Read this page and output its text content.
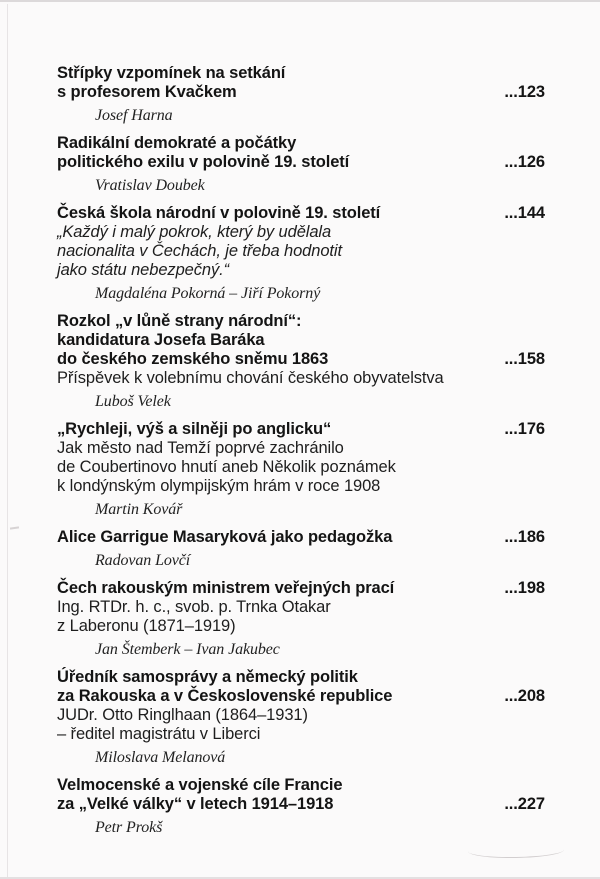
Střípky vzpomínek na setkání
s profesorem Kvačkem	...123
Josef Harna
Radikální demokraté a počátky
politického exilu v polovině 19. století	...126
Vratislav Doubek
Česká škola národní v polovině 19. století	...144
„Každý i malý pokrok, který by udělala
nacionalita v Čechách, je třeba hodnotit
jako státu nebezpečný.“
Magdaléna Pokorná – Jiří Pokorný
Rozkol „v lůně strany národní“:
kandidatura Josefa Baráka
do českého zemského sněmu 1863	...158
Příspěvek k volebnímu chování českého obyvatelstva
Luboš Velek
„Rychleji, výš a silněji po anglicku“	...176
Jak město nad Temží poprvé zachránilo
de Coubertinovo hnutí aneb Několik poznámek
k londýnským olympijským hrám v roce 1908
Martin Kovář
Alice Garrigue Masaryková jako pedagožka	...186
Radovan Lovčí
Čech rakouským ministrem veřejných prací	...198
Ing. RTDr. h. c., svob. p. Trnka Otakar
z Laberonu (1871–1919)
Jan Štemberk – Ivan Jakubec
Úředník samosprávy a německý politik
za Rakouska a v Československé republice	...208
JUDr. Otto Ringlhaan (1864–1931)
– ředitel magistrátu v Liberci
Miloslava Melanová
Velmocenské a vojenské cíle Francie
za „Velké války“ v letech 1914–1918	...227
Petr Prokš
